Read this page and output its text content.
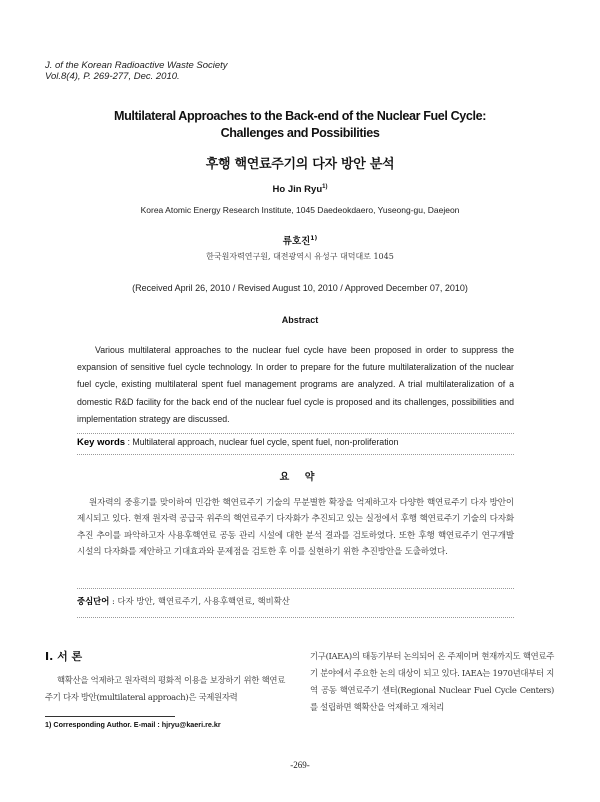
J. of the Korean Radioactive Waste Society
Vol.8(4), P. 269-277, Dec. 2010.
Multilateral Approaches to the Back-end of the Nuclear Fuel Cycle:
Challenges and Possibilities
후행 핵연료주기의 다자 방안 분석
Ho Jin Ryu$^{1)}$
Korea Atomic Energy Research Institute, 1045 Daedeokdaero, Yuseong-gu, Daejeon
류호진$^{1)}$
한국원자력연구원, 대전광역시 유성구 대덕대로 1045
(Received April 26, 2010 / Revised August 10, 2010 / Approved December 07, 2010)
Abstract
Various multilateral approaches to the nuclear fuel cycle have been proposed in order to suppress the expansion of sensitive fuel cycle technology. In order to prepare for the future multilateralization of the nuclear fuel cycle, existing multilateral spent fuel management programs are analyzed. A trial multilateralization of a domestic R&D facility for the back end of the nuclear fuel cycle is proposed and its challenges, possibilities and implementation strategy are discussed.
Key words : Multilateral approach, nuclear fuel cycle, spent fuel, non-proliferation
요 약
원자력의 중흥기를 맞이하여 민감한 핵연료주기 기술의 무분별한 확장을 억제하고자 다양한 핵연료주기 다자 방안이 제시되고 있다. 현재 원자력 공급국 위주의 핵연료주기 다자화가 추진되고 있는 실정에서 후행 핵연료주기 기술의 다자화 추진 추이를 파악하고자 사용후핵연료 공동 관리 시설에 대한 분석 결과를 검토하였다. 또한 후행 핵연료주기 연구개발 시설의 다자화를 제안하고 기대효과와 문제점을 검토한 후 이를 실현하기 위한 추진방안을 도출하였다.
중심단어 : 다자 방안, 핵연료주기, 사용후핵연료, 핵비확산
Ⅰ. 서 론
핵확산을 억제하고 원자력의 평화적 이용을 보장하기 위한 핵연료주기 다자 방안(multilateral approach)은 국제원자력
기구(IAEA)의 태동기부터 논의되어 온 주제이며 현재까지도 핵연료주기 분야에서 주요한 논의 대상이 되고 있다. IAEA는 1970년대부터 지역 공동 핵연료주기 센터(Regional Nuclear Fuel Cycle Centers)를 설립하면 핵확산을 억제하고 재처리
1) Corresponding Author. E-mail : hjryu@kaeri.re.kr
-269-
